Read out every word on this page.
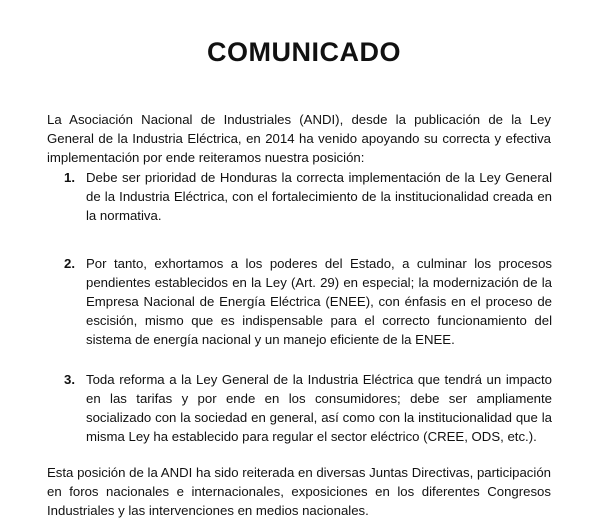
COMUNICADO
La Asociación Nacional de Industriales (ANDI), desde la publicación de la Ley General de la Industria Eléctrica, en 2014 ha venido apoyando su correcta y efectiva implementación por ende reiteramos nuestra posición:
1. Debe ser prioridad de Honduras la correcta implementación de la Ley General de la Industria Eléctrica, con el fortalecimiento de la institucionalidad creada en la normativa.
2. Por tanto, exhortamos a los poderes del Estado, a culminar los procesos pendientes establecidos en la Ley (Art. 29) en especial; la modernización de la Empresa Nacional de Energía Eléctrica (ENEE), con énfasis en el proceso de escisión, mismo que es indispensable para el correcto funcionamiento del sistema de energía nacional y un manejo eficiente de la ENEE.
3. Toda reforma a la Ley General de la Industria Eléctrica que tendrá un impacto en las tarifas y por ende en los consumidores; debe ser ampliamente socializado con la sociedad en general, así como con la institucionalidad que la misma Ley ha establecido para regular el sector eléctrico (CREE, ODS, etc.).
Esta posición de la ANDI ha sido reiterada en diversas Juntas Directivas, participación en foros nacionales e internacionales, exposiciones en los diferentes Congresos Industriales y las intervenciones en medios nacionales.
